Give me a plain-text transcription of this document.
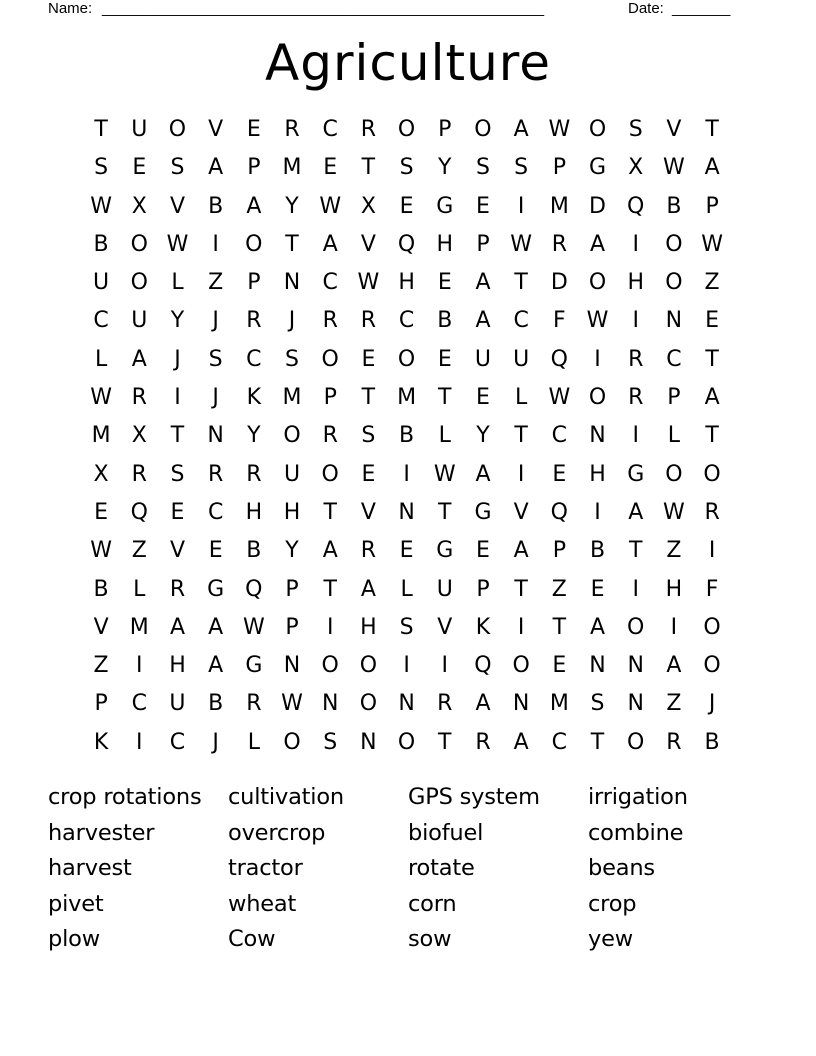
Name: _____________________________________________________	Date: _______
Agriculture
T	U O	V	E	R	C	R O	P	O	A W O	S	V	T
S	E	S	A	P	M E	T	S	Y	S	S	P	G	X W A
W X	V	B	A	Y W X	E	G	E	I	M D Q B	P
B O W	I	O	T	A	V Q H	P W R	A	I	O W
U O	L	Z	P	N	C W H	E	A	T	D O H O Z
C	U	Y	J	R	J	R	R	C	B	A	C	F W	I	N	E
L	A	J	S	C	S	O	E	O	E	U	U Q	I	R	C	T
W R	I	J	K M	P	T M T	E	L W O R	P	A
M X	T	N	Y	O R	S	B	L	Y	T	C	N	I	L	T
X	R	S	R	R	U O	E	I	W A	I	E	H G O O
E	Q	E	C	H H	T	V	N	T	G	V Q	I	A W R
W Z	V	E	B	Y	A	R	E	G	E	A	P	B	T	Z	I
B	L	R	G Q	P	T	A	L	U	P	T	Z	E	I	H	F
V M A	A W P	I	H	S	V	K	I	T	A O	I	O
Z	I	H	A	G N O O	I	I	Q O	E	N N	A O
P	C	U	B	R W N O N	R	A	N M S	N	Z	J
K	I	C	J	L	O	S	N O	T	R	A	C	T	O R	B
crop rotations	cultivation	GPS system	irrigation
harvester	overcrop	biofuel	combine
harvest	tractor	rotate	beans
pivet	wheat	corn	crop
plow	Cow	sow	yew
